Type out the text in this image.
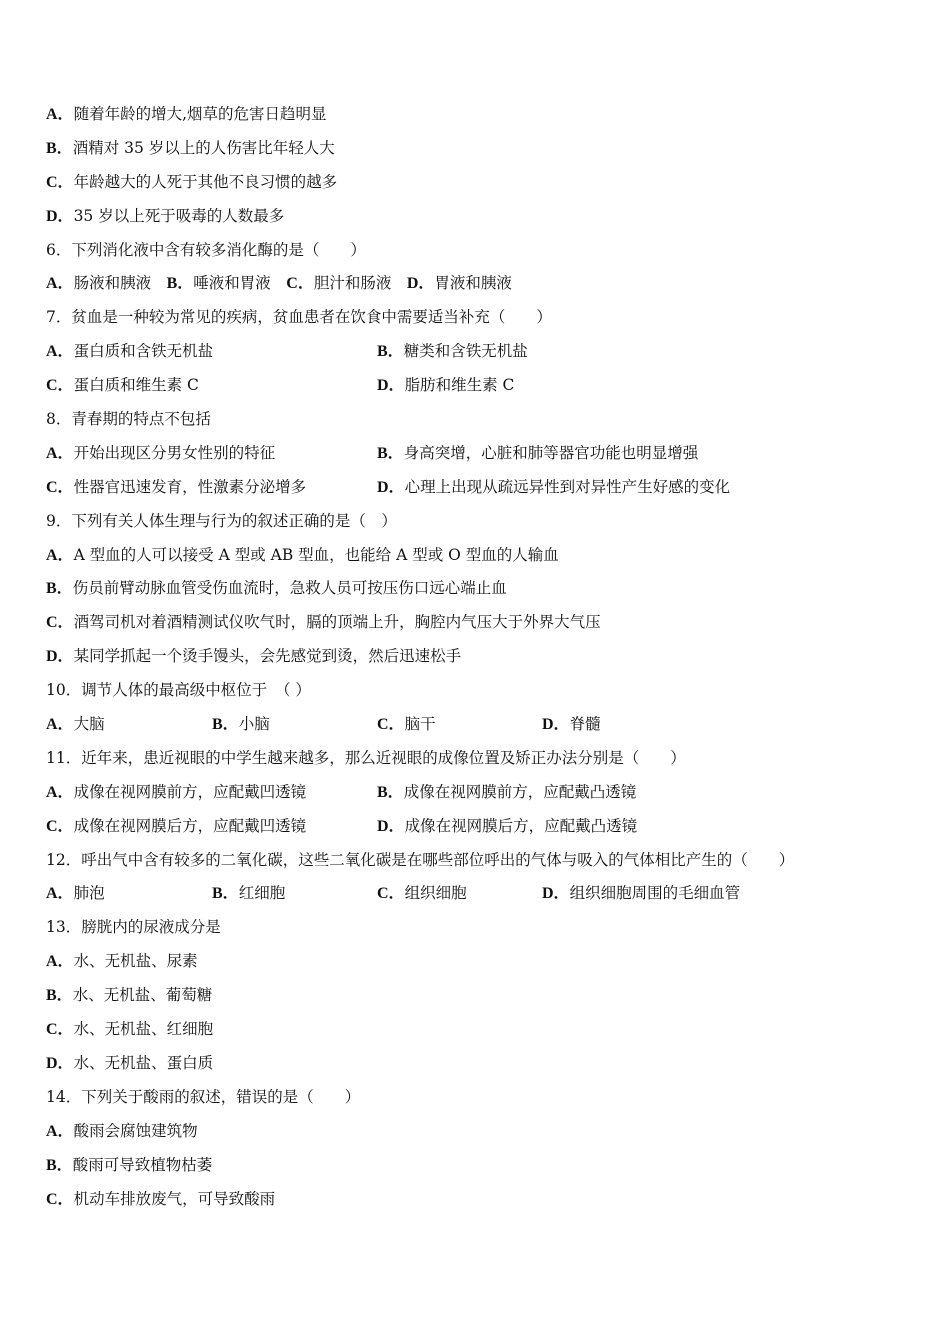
A．随着年龄的增大,烟草的危害日趋明显
B．酒精对 35 岁以上的人伤害比年轻人大
C．年龄越大的人死于其他不良习惯的越多
D．35 岁以上死于吸毒的人数最多
6．下列消化液中含有较多消化酶的是（　　）
A．肠液和胰液  B．唾液和胃液  C．胆汁和肠液  D．胃液和胰液
7．贫血是一种较为常见的疾病，贫血患者在饮食中需要适当补充（　　）
A．蛋白质和含铁无机盐	B．糖类和含铁无机盐
C．蛋白质和维生素 C	D．脂肪和维生素 C
8．青春期的特点不包括
A．开始出现区分男女性别的特征	B．身高突增，心脏和肺等器官功能也明显增强
C．性器官迅速发育，性激素分泌增多	D．心理上出现从疏远异性到对异性产生好感的变化
9．下列有关人体生理与行为的叙述正确的是（　）
A．A 型血的人可以接受 A 型或 AB 型血，也能给 A 型或 O 型血的人输血
B．伤员前臂动脉血管受伤血流时，急救人员可按压伤口远心端止血
C．酒驾司机对着酒精测试仪吹气时，膈的顶端上升，胸腔内气压大于外界大气压
D．某同学抓起一个烫手馒头，会先感觉到烫，然后迅速松手
10．调节人体的最高级中枢位于　（ ）
A．大脑	B．小脑	C．脑干	D．脊髓
11．近年来，患近视眼的中学生越来越多，那么近视眼的成像位置及矫正办法分别是（　　）
A．成像在视网膜前方，应配戴凹透镜	B．成像在视网膜前方，应配戴凸透镜
C．成像在视网膜后方，应配戴凹透镜	D．成像在视网膜后方，应配戴凸透镜
12．呼出气中含有较多的二氧化碳，这些二氧化碳是在哪些部位呼出的气体与吸入的气体相比产生的（　　）
A．肺泡	B．红细胞	C．组织细胞	D．组织细胞周围的毛细血管
13．膀胱内的尿液成分是
A．水、无机盐、尿素
B．水、无机盐、葡萄糖
C．水、无机盐、红细胞
D．水、无机盐、蛋白质
14．下列关于酸雨的叙述，错误的是（　　）
A．酸雨会腐蚀建筑物
B．酸雨可导致植物枯萎
C．机动车排放废气，可导致酸雨
